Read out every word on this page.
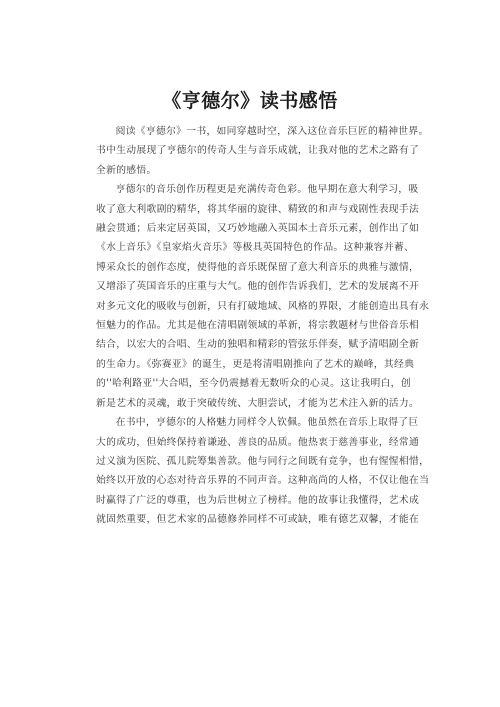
《亨德尔》读书感悟

阅读《亨德尔》一书，如同穿越时空，深入这位音乐巨匠的精神世界。
书中生动展现了亨德尔的传奇人生与音乐成就，让我对他的艺术之路有了
全新的感悟。

亨德尔的音乐创作历程更是充满传奇色彩。他早期在意大利学习，吸
收了意大利歌剧的精华，将其华丽的旋律、精致的和声与戏剧性表现手法
融会贯通；后来定居英国，又巧妙地融入英国本土音乐元素，创作出了如
《水上音乐》《皇家焰火音乐》等极具英国特色的作品。这种兼容并蓄、
博采众长的创作态度，使得他的音乐既保留了意大利音乐的典雅与激情，
又增添了英国音乐的庄重与大气。他的创作告诉我们，艺术的发展离不开
对多元文化的吸收与创新，只有打破地域、风格的界限，才能创造出具有永
恒魅力的作品。尤其是他在清唱剧领域的革新，将宗教题材与世俗音乐相
结合，以宏大的合唱、生动的独唱和精彩的管弦乐伴奏，赋予清唱剧全新
的生命力。《弥赛亚》的诞生，更是将清唱剧推向了艺术的巅峰，其经典
的''哈利路亚''大合唱，至今仍震撼着无数听众的心灵。这让我明白，创
新是艺术的灵魂，敢于突破传统、大胆尝试，才能为艺术注入新的活力。

在书中，亨德尔的人格魅力同样令人钦佩。他虽然在音乐上取得了巨
大的成功，但始终保持着谦逊、善良的品质。他热衷于慈善事业，经常通
过义演为医院、孤儿院筹集善款。他与同行之间既有竞争，也有惺惺相惜，
始终以开放的心态对待音乐界的不同声音。这种高尚的人格，不仅让他在当
时赢得了广泛的尊重，也为后世树立了榜样。他的故事让我懂得，艺术成
就固然重要，但艺术家的品德修养同样不可或缺，唯有德艺双馨，才能在
